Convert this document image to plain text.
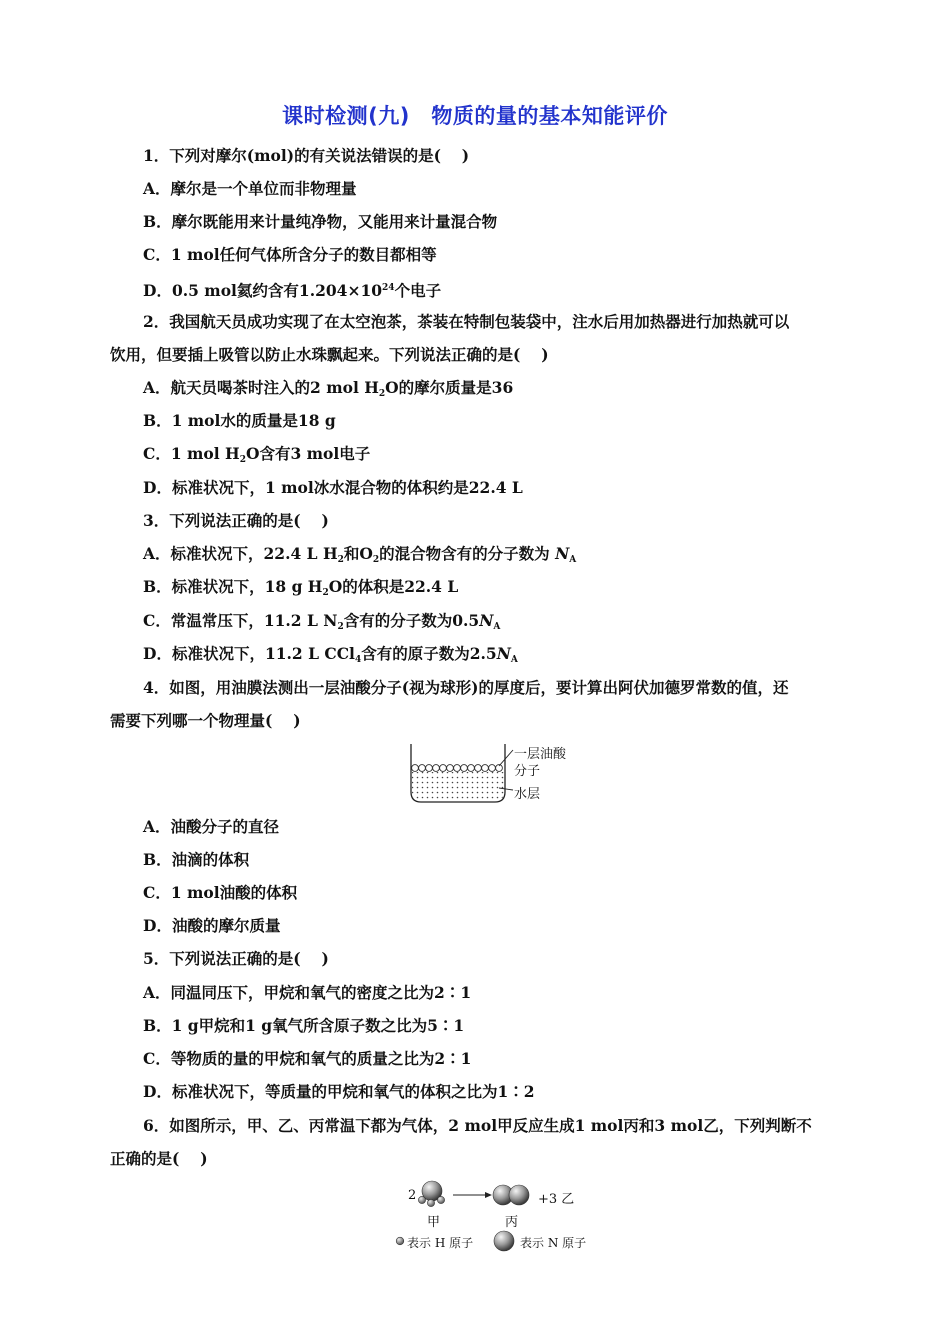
课时检测(九)　物质的量的基本知能评价
1．下列对摩尔(mol)的有关说法错误的是(　 )
A．摩尔是一个单位而非物理量
B．摩尔既能用来计量纯净物，又能用来计量混合物
C．1 mol任何气体所含分子的数目都相等
D．0.5 mol氦约含有$1.204\times 10^{24}$个电子
2．我国航天员成功实现了在太空泡茶，茶装在特制包装袋中，注水后用加热器进行加热就可以
饮用，但要插上吸管以防止水珠飘起来。下列说法正确的是(　 )
A．航天员喝茶时注入的2 mol $H_2O$的摩尔质量是36
B．1 mol水的质量是18 g
C．1 mol $H_2O$含有3 mol电子
D．标准状况下，1 mol冰水混合物的体积约是22.4 L
3．下列说法正确的是(　 )
A．标准状况下，22.4 L $H_2$和$O_2$的混合物含有的分子数为 $N_A$
B．标准状况下，18 g $H_2O$的体积是22.4 L
C．常温常压下，11.2 L $N_2$含有的分子数为$0.5N_A$
D．标准状况下，11.2 L CCl$_4$含有的原子数为$2.5N_A$
4．如图，用油膜法测出一层油酸分子(视为球形)的厚度后，要计算出阿伏加德罗常数的值，还
需要下列哪一个物理量(　 )
一层油酸
分子
水层
A．油酸分子的直径
B．油滴的体积
C．1 mol油酸的体积
D．油酸的摩尔质量
5．下列说法正确的是(　 )
A．同温同压下，甲烷和氧气的密度之比为2∶1
B．1 g甲烷和1 g氧气所含原子数之比为5∶1
C．等物质的量的甲烷和氧气的质量之比为2∶1
D．标准状况下，等质量的甲烷和氧气的体积之比为1∶2
6．如图所示，甲、乙、丙常温下都为气体，2 mol甲反应生成1 mol丙和3 mol乙，下列判断不
正确的是(　 )
2	+3 乙
甲	丙
表示 H 原子	表示 N 原子
